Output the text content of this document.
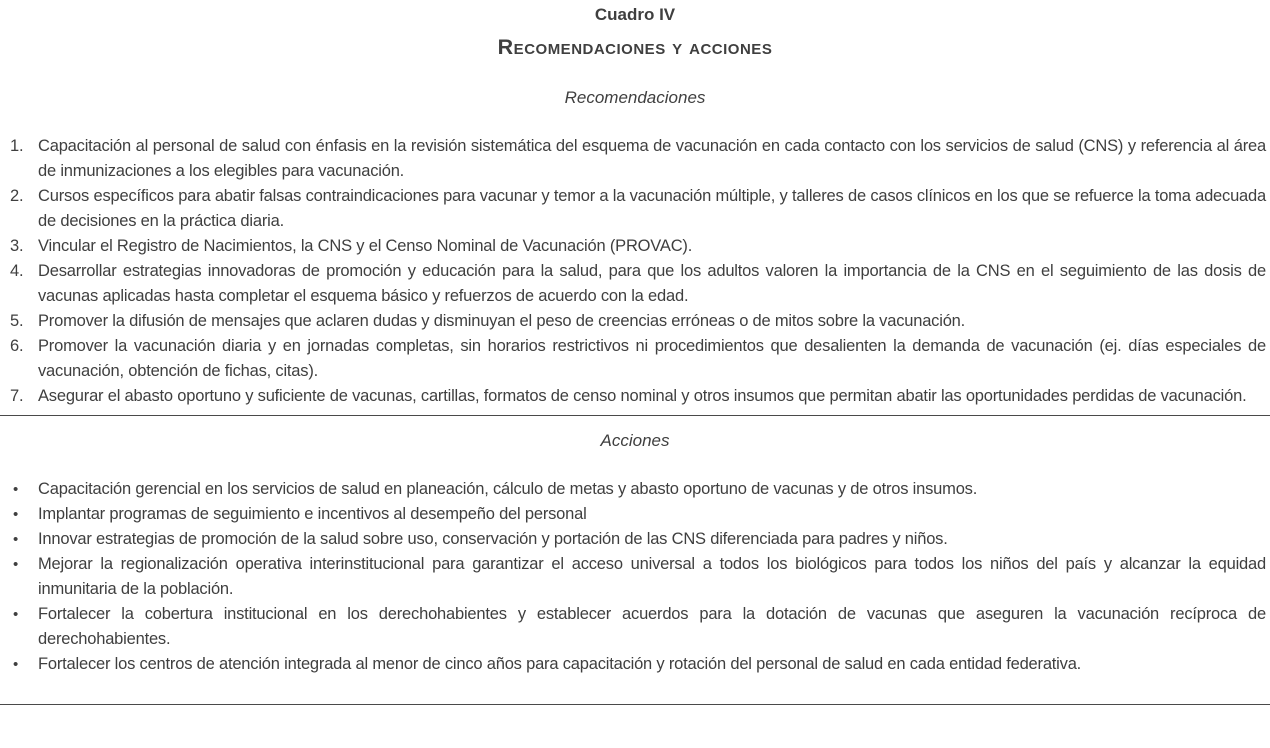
Cuadro IV

Recomendaciones y acciones

Recomendaciones

Capacitación al personal de salud con énfasis en la revisión sistemática del esquema de vacunación en cada contacto con los servicios de salud (CNS) y referencia al área de inmunizaciones a los elegibles para vacunación.
Cursos específicos para abatir falsas contraindicaciones para vacunar y temor a la vacunación múltiple, y talleres de casos clínicos en los que se refuerce la toma adecuada de decisiones en la práctica diaria.
Vincular el Registro de Nacimientos, la CNS y el Censo Nominal de Vacunación (PROVAC).
Desarrollar estrategias innovadoras de promoción y educación para la salud, para que los adultos valoren la importancia de la CNS en el seguimiento de las dosis de vacunas aplicadas hasta completar el esquema básico y refuerzos de acuerdo con la edad.
Promover la difusión de mensajes que aclaren dudas y disminuyan el peso de creencias erróneas o de mitos sobre la vacunación.
Promover la vacunación diaria y en jornadas completas, sin horarios restrictivos ni procedimientos que desalienten la demanda de vacunación (ej. días especiales de vacunación, obtención de fichas, citas).
Asegurar el abasto oportuno y suficiente de vacunas, cartillas, formatos de censo nominal y otros insumos que permitan abatir las oportunidades perdidas de vacunación.

Acciones

• Capacitación gerencial en los servicios de salud en planeación, cálculo de metas y abasto oportuno de vacunas y de otros insumos.
• Implantar programas de seguimiento e incentivos al desempeño del personal
• Innovar estrategias de promoción de la salud sobre uso, conservación y portación de las CNS diferenciada para padres y niños.
• Mejorar la regionalización operativa interinstitucional para garantizar el acceso universal a todos los biológicos para todos los niños del país y alcanzar la equidad inmunitaria de la población.
• Fortalecer la cobertura institucional en los derechohabientes y establecer acuerdos para la dotación de vacunas que aseguren la vacunación recíproca de derechohabientes.
• Fortalecer los centros de atención integrada al menor de cinco años para capacitación y rotación del personal de salud en cada entidad federativa.
